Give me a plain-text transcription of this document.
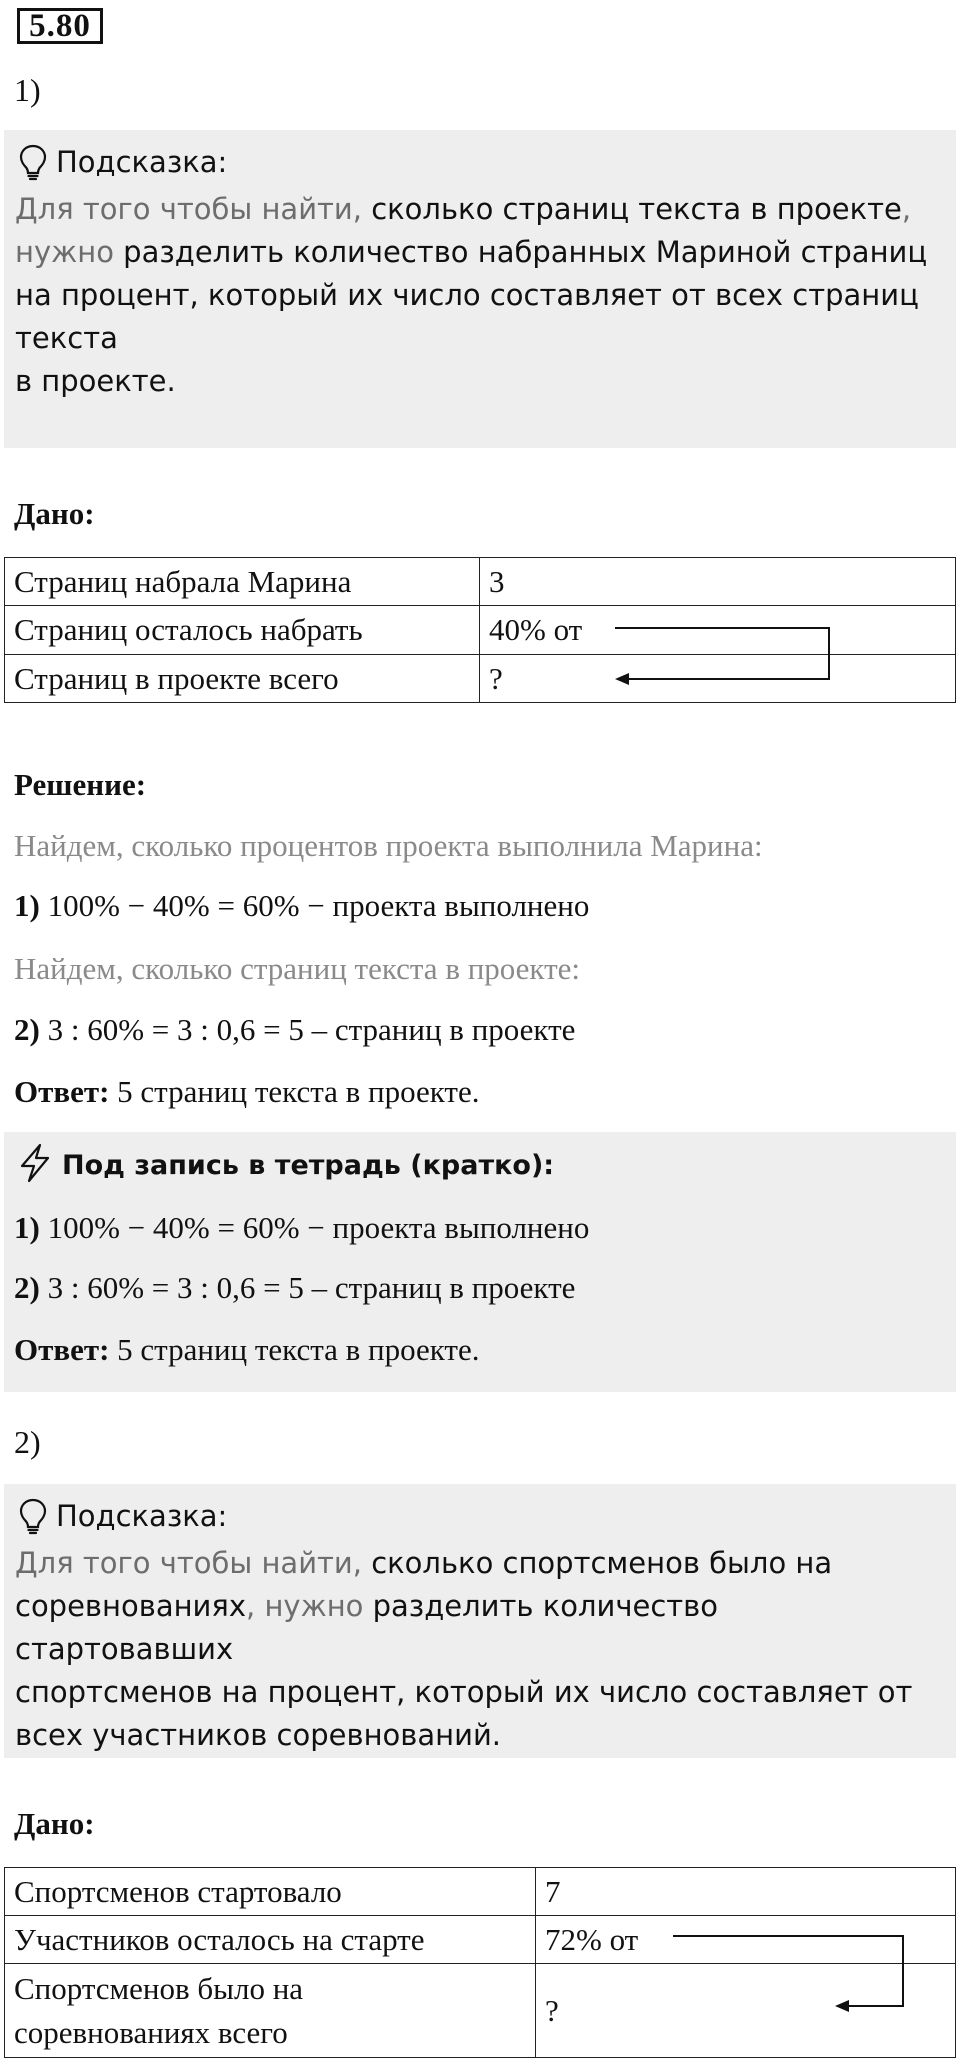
5.80
1)
Подсказка:
Для того чтобы найти, сколько страниц текста в проекте,
нужно разделить количество набранных Мариной страниц
на процент, который их число составляет от всех страниц
текста
в проекте.
Дано:
Страниц набрала Марина	3
Страниц осталось набрать	40% от
Страниц в проекте всего	?
Решение:
Найдем, сколько процентов проекта выполнила Марина:
1) 100% − 40% = 60% − проекта выполнено
Найдем, сколько страниц текста в проекте:
2) 3 : 60% = 3 : 0,6 = 5 – страниц в проекте
Ответ: 5 страниц текста в проекте.
Под запись в тетрадь (кратко):
1) 100% − 40% = 60% − проекта выполнено
2) 3 : 60% = 3 : 0,6 = 5 – страниц в проекте
Ответ: 5 страниц текста в проекте.
2)
Подсказка:
Для того чтобы найти, сколько спортсменов было на
соревнованиях, нужно разделить количество стартовавших
спортсменов на процент, который их число составляет от
всех участников соревнований.
Дано:
Спортсменов стартовало	7
Участников осталось на старте	72% от
Спортсменов было на
соревнованиях всего	?
